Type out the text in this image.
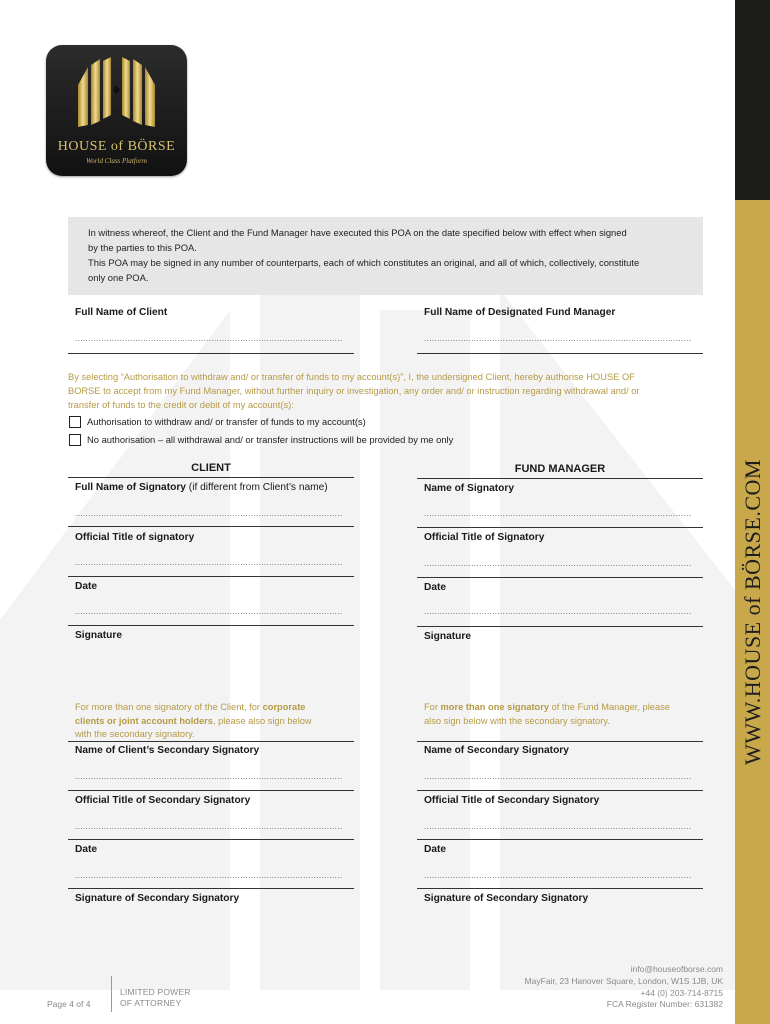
WWW.HOUSE of BÖRSE.COM
HOUSE of BÖRSE
World Class Platform

In witness whereof, the Client and the Fund Manager have executed this POA on the date specified below with effect when signed

by the parties to this POA.

This POA may be signed in any number of counterparts, each of which constitutes an original, and all of which, collectively, constitute

only one POA.

Full Name of Client
......................................................................................................
Full Name of Designated Fund Manager
......................................................................................................
By selecting “Authorisation to withdraw and/ or transfer of funds to my account(s)”, I, the undersigned Client, hereby authorise HOUSE OF
BORSE to accept from my Fund Manager, without further inquiry or investigation, any order and/ or instruction regarding withdrawal and/ or
transfer of funds to the credit or debit of my account(s):
Authorisation to withdraw and/ or transfer of funds to my account(s)
No authorisation – all withdrawal and/ or transfer instructions will be provided by me only
CLIENT	FUND MANAGER
Full Name of Signatory (if different from Client’s name)
......................................................................................................
Official Title of signatory
......................................................................................................
Date
......................................................................................................
Signature
For more than one signatory of the Client, for corporate
clients or joint account holders, please also sign below
with the secondary signatory.
Name of Client’s Secondary Signatory
......................................................................................................
Official Title of Secondary Signatory
......................................................................................................
Date
......................................................................................................
Signature of Secondary Signatory
Name of Signatory
......................................................................................................
Official Title of Signatory
......................................................................................................
Date
......................................................................................................
Signature
For more than one signatory of the Fund Manager, please
also sign below with the secondary signatory.
Name of Secondary Signatory
......................................................................................................
Official Title of Secondary Signatory
......................................................................................................
Date
......................................................................................................
Signature of Secondary Signatory
Page 4 of 4
LIMITED POWER
OF ATTORNEY
info@houseofborse.com
MayFair, 23 Hanover Square, London, W1S 1JB, UK
+44 (0) 203-714-8715
FCA Register Number: 631382
